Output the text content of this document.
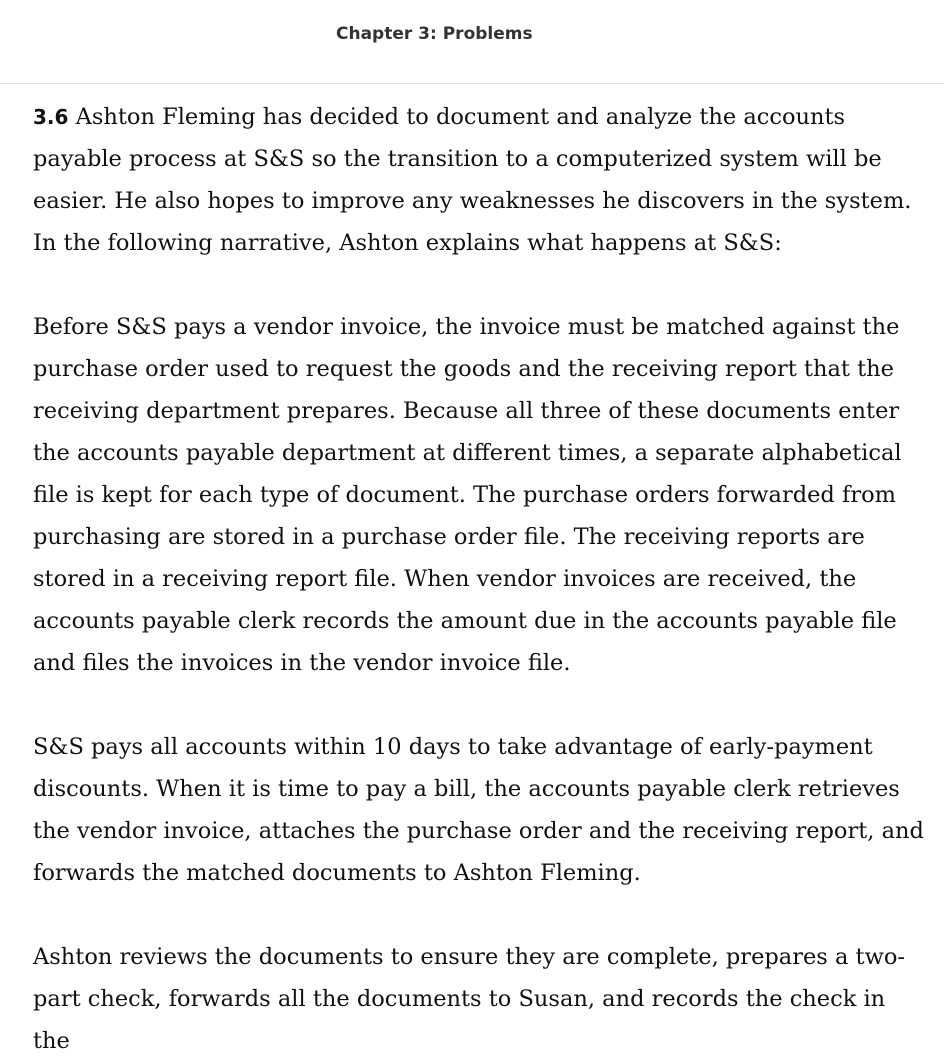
Chapter 3: Problems

3.6 Ashton Fleming has decided to document and analyze the accounts payable process at S&S so the transition to a computerized system will be easier. He also hopes to improve any weaknesses he discovers in the system. In the following narrative, Ashton explains what happens at S&S:

Before S&S pays a vendor invoice, the invoice must be matched against the purchase order used to request the goods and the receiving report that the receiving department prepares. Because all three of these documents enter the accounts payable department at different times, a separate alphabetical file is kept for each type of document. The purchase orders forwarded from purchasing are stored in a purchase order file. The receiving reports are stored in a receiving report file. When vendor invoices are received, the accounts payable clerk records the amount due in the accounts payable file and files the invoices in the vendor invoice file.

S&S pays all accounts within 10 days to take advantage of early-payment discounts. When it is time to pay a bill, the accounts payable clerk retrieves the vendor invoice, attaches the purchase order and the receiving report, and forwards the matched documents to Ashton Fleming.

Ashton reviews the documents to ensure they are complete, prepares a two-part check, forwards all the documents to Susan, and records the check in the
